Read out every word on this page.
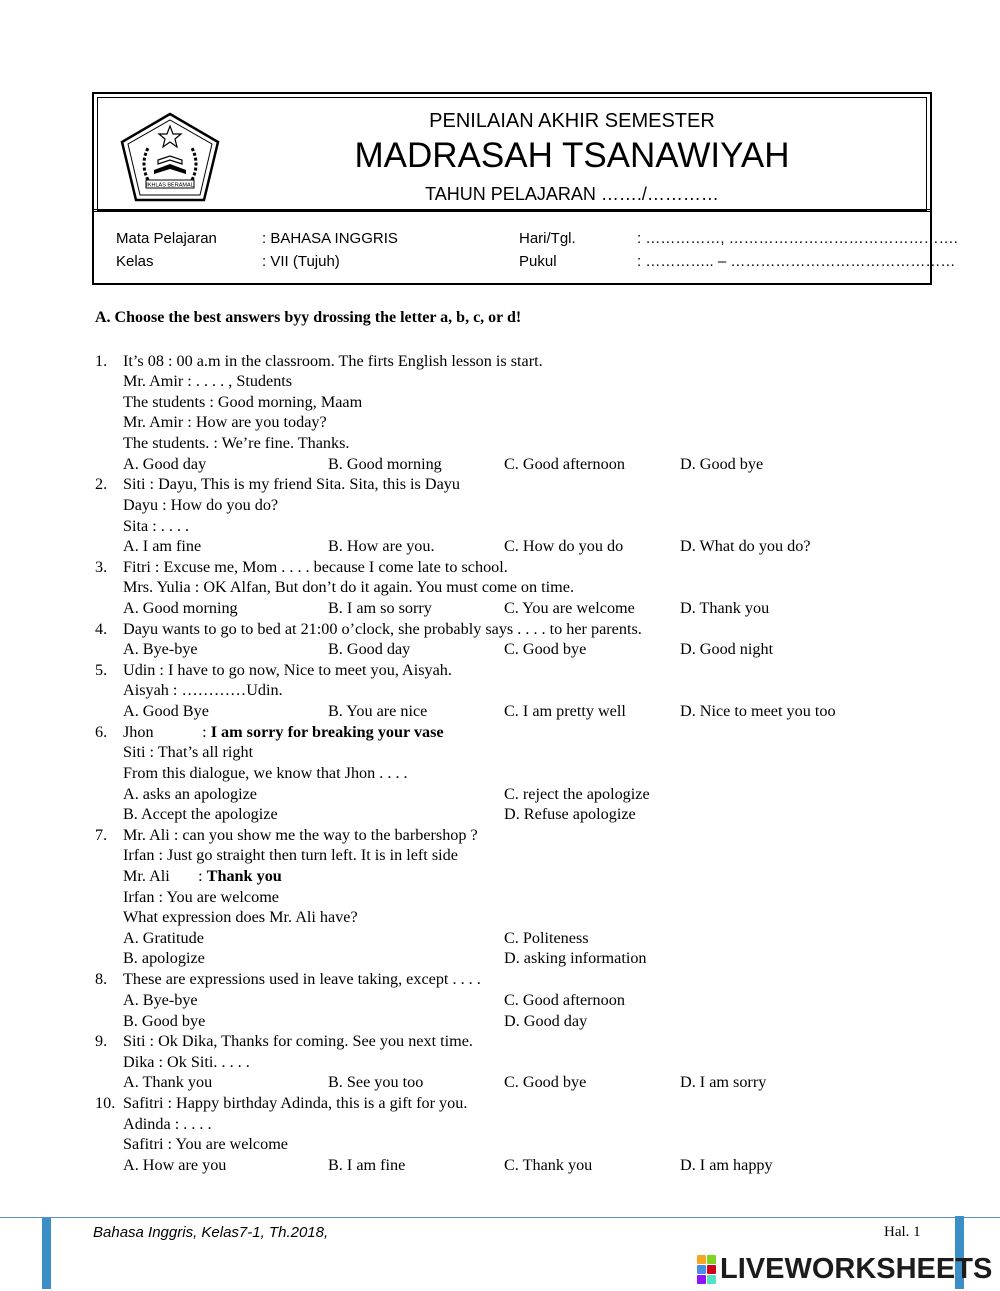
IKHLAS BERAMAL
PENILAIAN AKHIR SEMESTER
MADRASAH TSANAWIYAH
TAHUN PELAJARAN ……./…………
Mata Pelajaran	: BAHASA INGGRIS	Hari/Tgl.	: ……………, ……………………………………….
Kelas	: VII (Tujuh)	Pukul	: ………….. – ………………………………………
A. Choose the best answers byy drossing the letter a, b, c, or d!
1. It’s 08 : 00 a.m in the classroom. The firts English lesson is start.
Mr. Amir : . . . . , Students
The students : Good morning, Maam
Mr. Amir : How are you today?
The students. : We’re fine. Thanks.
A. Good day	B. Good morning	C. Good afternoon	D. Good bye
2. Siti : Dayu, This is my friend Sita. Sita, this is Dayu
Dayu : How do you do?
Sita : . . . .
A. I am fine	B. How are you.	C. How do you do	D. What do you do?
3. Fitri : Excuse me, Mom . . . . because I come late to school.
Mrs. Yulia : OK Alfan, But don’t do it again. You must come on time.
A. Good morning	B. I am so sorry	C. You are welcome	D. Thank you
4. Dayu wants to go to bed at 21:00 o’clock, she probably says . . . . to her parents.
A. Bye-bye	B. Good day	C. Good bye	D. Good night
5. Udin : I have to go now, Nice to meet you, Aisyah.
Aisyah : …………Udin.
A. Good Bye	B. You are nice	C. I am pretty well	D. Nice to meet you too
6. Jhon            : I am sorry for breaking your vase
Siti : That’s all right
From this dialogue, we know that Jhon . . . .
A. asks an apologize	C. reject the apologize
B. Accept the apologize	D. Refuse apologize
7. Mr. Ali : can you show me the way to the barbershop ?
Irfan : Just go straight then turn left. It is in left side
Mr. Ali       : Thank you
Irfan : You are welcome
What expression does Mr. Ali have?
A. Gratitude	C. Politeness
B. apologize	D. asking information
8. These are expressions used in leave taking, except . . . .
A. Bye-bye	C. Good afternoon
B. Good bye	D. Good day
9. Siti : Ok Dika, Thanks for coming. See you next time.
Dika : Ok Siti. . . . .
A. Thank you	B. See you too	C. Good bye	D. I am sorry
10. Safitri : Happy birthday Adinda, this is a gift for you.
Adinda : . . . .
Safitri : You are welcome
A. How are you	B. I am fine	C. Thank you	D. I am happy
Bahasa Inggris, Kelas7-1, Th.2018,	Hal. 1
LIVEWORKSHEETS
